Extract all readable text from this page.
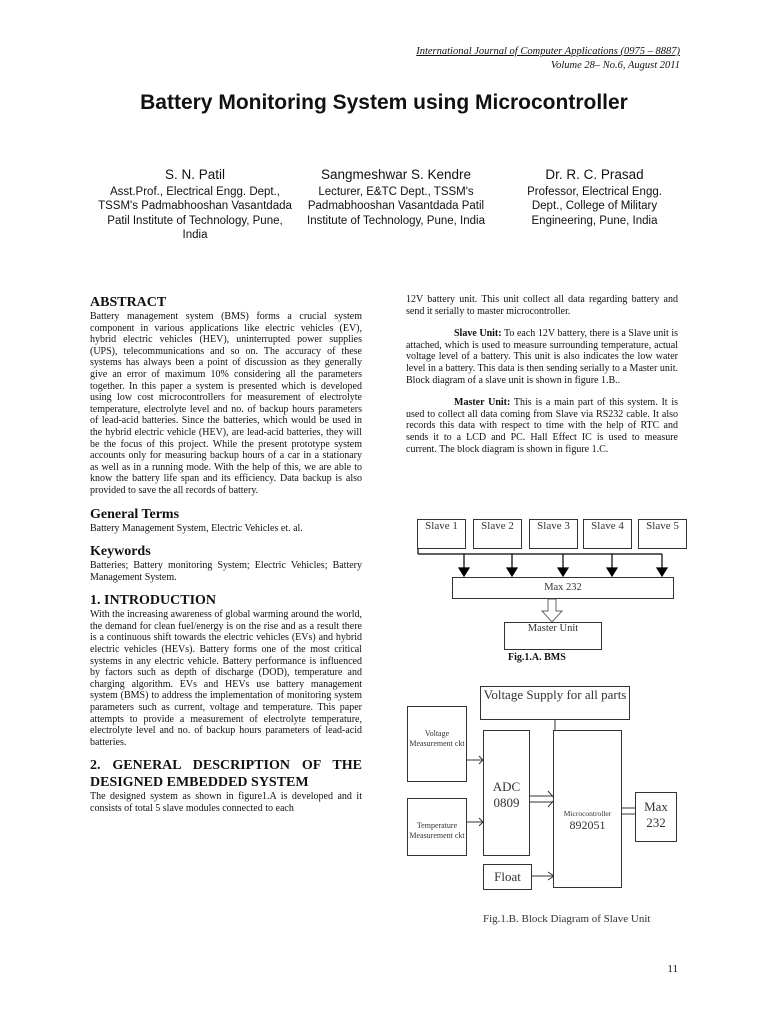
International Journal of Computer Applications (0975 – 8887)
Volume 28– No.6, August 2011
Battery Monitoring System using Microcontroller
S. N. Patil
Asst.Prof., Electrical Engg. Dept., TSSM's Padmabhooshan Vasantdada Patil Institute of Technology, Pune, India
Sangmeshwar S. Kendre
Lecturer, E&TC Dept., TSSM's Padmabhooshan Vasantdada Patil Institute of Technology, Pune, India
Dr. R. C. Prasad
Professor, Electrical Engg. Dept., College of Military Engineering, Pune, India
ABSTRACT

Battery management system (BMS) forms a crucial system component in various applications like electric vehicles (EV), hybrid electric vehicles (HEV), uninterrupted power supplies (UPS), telecommunications and so on. The accuracy of these systems has always been a point of discussion as they generally give an error of maximum 10% considering all the parameters together. In this paper a system is presented which is developed using low cost microcontrollers for measurement of electrolyte temperature, electrolyte level and no. of backup hours parameters of lead-acid batteries. Since the batteries, which would be used in the hybrid electric vehicle (HEV), are lead-acid batteries, they will be the focus of this project. While the present prototype system accounts only for measuring backup hours of a car in a stationary as well as in a running mode. With the help of this, we are able to know the battery life span and its efficiency. Data backup is also provided to save the all records of battery.

General Terms

Battery Management System, Electric Vehicles et. al.

Keywords

Batteries; Battery monitoring System; Electric Vehicles; Battery Management System.

1. INTRODUCTION

With the increasing awareness of global warming around the world, the demand for clean fuel/energy is on the rise and as a result there is a continuous shift towards the electric vehicles (EVs) and hybrid electric vehicles (HEVs). Battery forms one of the most critical systems in any electric vehicle. Battery performance is influenced by factors such as depth of discharge (DOD), temperature and charging algorithm. EVs and HEVs use battery management system (BMS) to address the implementation of monitoring system parameters such as current, voltage and temperature. This paper attempts to provide a measurement of electrolyte temperature, electrolyte level and no. of backup hours parameters of lead-acid batteries.

2. GENERAL DESCRIPTION OF THE DESIGNED EMBEDDED SYSTEM

The designed system as shown in figure1.A is developed and it consists of total 5 slave modules connected to each

12V battery unit. This unit collect all data regarding battery and send it serially to master microcontroller.

Slave Unit: To each 12V battery, there is a Slave unit is attached, which is used to measure surrounding temperature, actual voltage level of a battery. This unit is also indicates the low water level in a battery. This data is then sending serially to a Master unit. Block diagram of a slave unit is shown in figure 1.B..

Master Unit: This is a main part of this system. It is used to collect all data coming from Slave via RS232 cable. It also records this data with respect to time with the help of RTC and sends it to a LCD and PC. Hall Effect IC is used to measure current. The block diagram is shown in figure 1.C.

Slave 1	Slave 2	Slave 3	Slave 4	Slave 5
Max 232
Master Unit
Fig.1.A. BMS
Voltage Supply for all parts
Voltage Measurement ckt
Temperature Measurement ckt
ADC 0809
Float
Microcontroller
892051
Max 232
Fig.1.B. Block Diagram of Slave Unit
11
